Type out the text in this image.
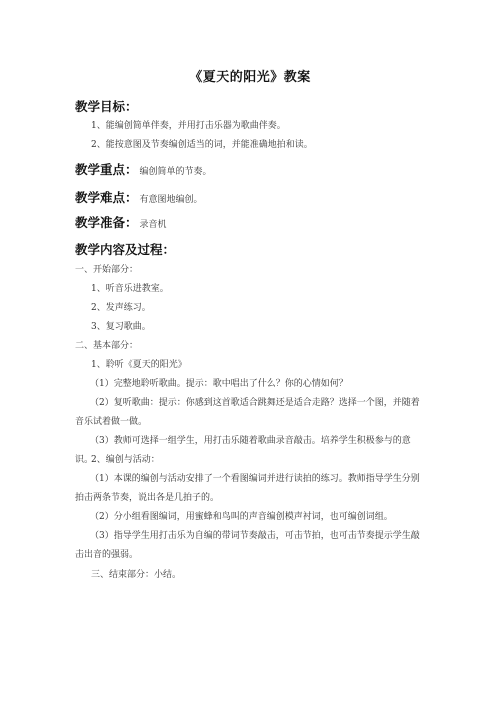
《夏天的阳光》教案
教学目标：
1、能编创简单伴奏，并用打击乐器为歌曲伴奏。
2、能按意图及节奏编创适当的词，并能准确地拍和读。
教学重点： 编创简单的节奏。
教学难点： 有意图地编创。
教学准备： 录音机
教学内容及过程：
一、开始部分：
1、听音乐进教室。
2、发声练习。
3、复习歌曲。
二、基本部分：
1、聆听《夏天的阳光》
（1）完整地聆听歌曲。提示：歌中唱出了什么？你的心情如何？
（2）复听歌曲：提示：你感到这首歌适合跳舞还是适合走路？选择一个图，并随着音乐试着做一做。
（3）教师可选择一组学生，用打击乐随着歌曲录音敲击。培养学生积极参与的意识。
2、编创与活动：
（1）本课的编创与活动安排了一个看图编词并进行读拍的练习。教师指导学生分别拍击两条节奏，说出各是几拍子的。
（2）分小组看图编词，用蜜蜂和鸟叫的声音编创模声衬词，也可编创词组。
（3）指导学生用打击乐为自编的带词节奏敲击，可击节拍，也可击节奏提示学生敲击出音的强弱。
三、结束部分：小结。
